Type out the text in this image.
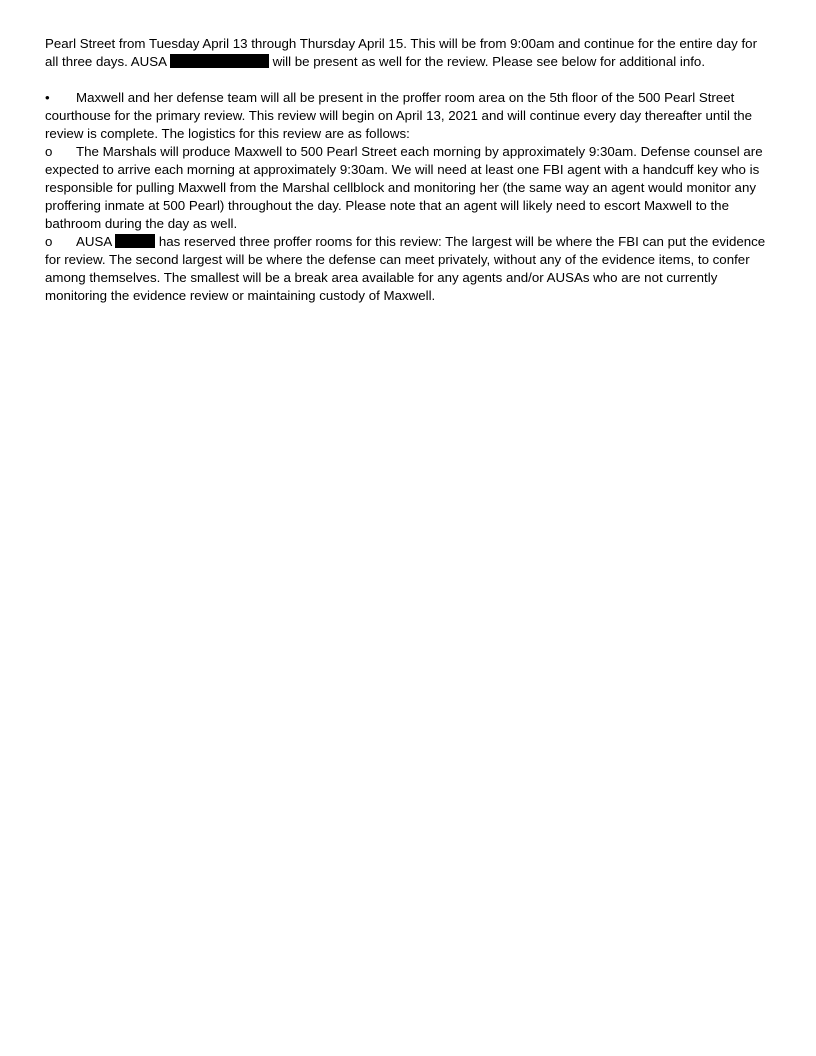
Pearl Street from Tuesday April 13 through Thursday April 15. This will be from 9:00am and continue for the entire day for all three days. AUSA	will be present as well for the review. Please see below for additional info.

• Maxwell and her defense team will all be present in the proffer room area on the 5th floor of the 500 Pearl Street courthouse for the primary review. This review will begin on April 13, 2021 and will continue every day thereafter until the review is complete. The logistics for this review are as follows:

o The Marshals will produce Maxwell to 500 Pearl Street each morning by approximately 9:30am. Defense counsel are expected to arrive each morning at approximately 9:30am. We will need at least one FBI agent with a handcuff key who is responsible for pulling Maxwell from the Marshal cellblock and monitoring her (the same way an agent would monitor any proffering inmate at 500 Pearl) throughout the day. Please note that an agent will likely need to escort Maxwell to the bathroom during the day as well.

o AUSA	has reserved three proffer rooms for this review: The largest will be where the FBI can put the evidence for review. The second largest will be where the defense can meet privately, without any of the evidence items, to confer among themselves. The smallest will be a break area available for any agents and/or AUSAs who are not currently monitoring the evidence review or maintaining custody of Maxwell.
